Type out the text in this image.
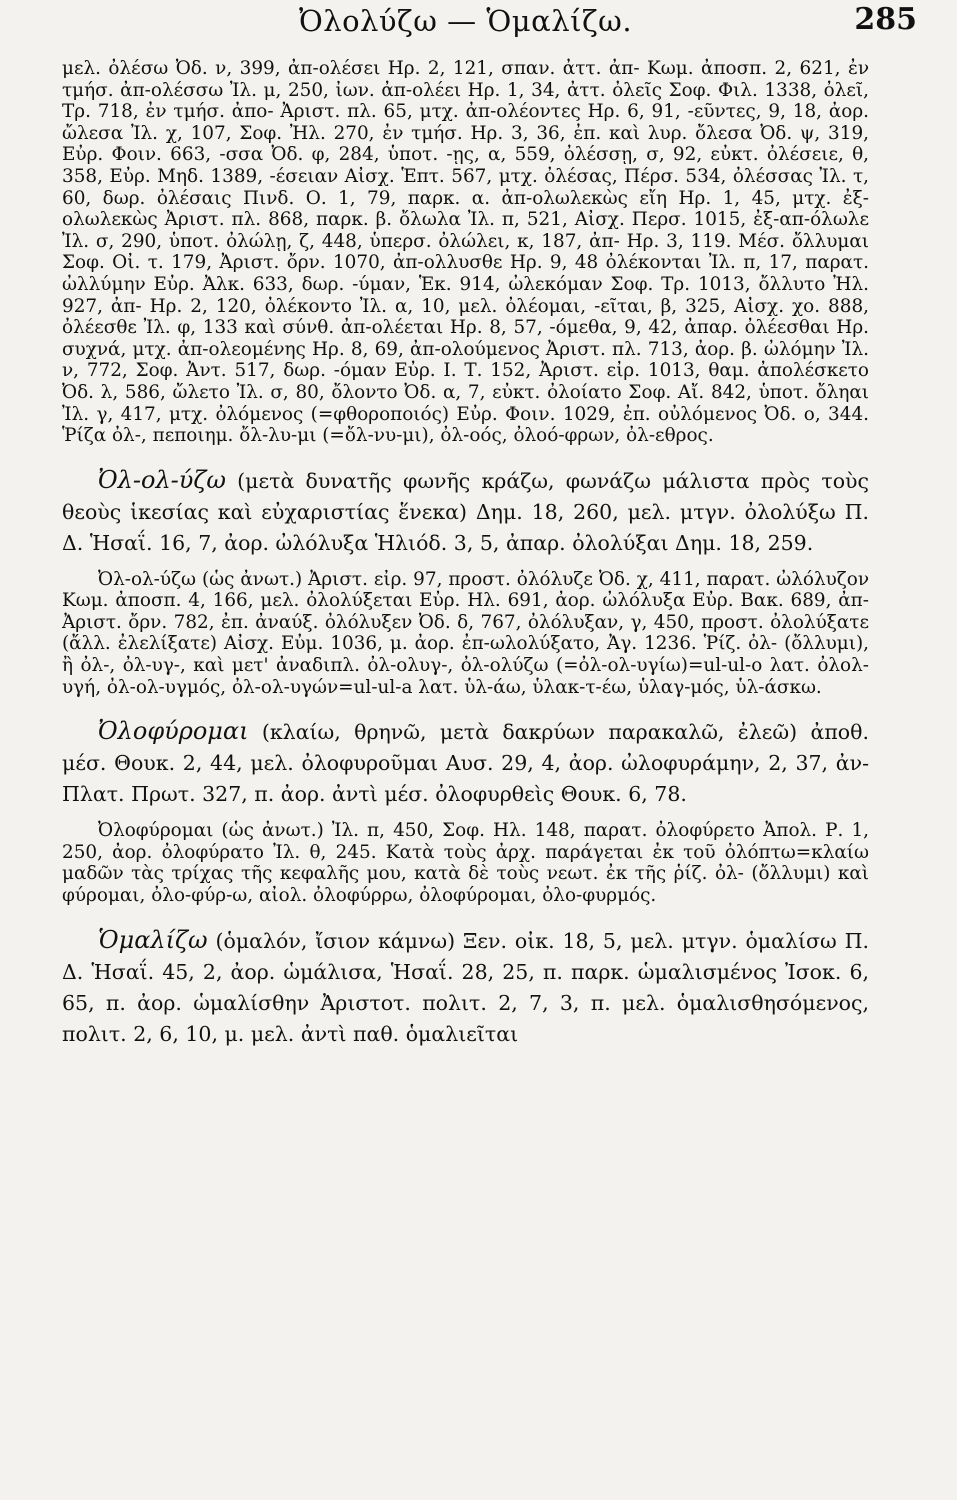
Ὀλολύζω — Ὁμαλίζω.	285

μελ. ὀλέσω Ὀδ. ν, 399, ἀπ-ολέσει Ηρ. 2, 121, σπαν. ἀττ. ἀπ- Κωμ. ἀποσπ. 2, 621, ἐν τμήσ. ἀπ-ολέσσω Ἰλ. μ, 250, ἰων. ἀπ-ολέει Ηρ. 1, 34, ἀττ. ὀλεῖς Σοφ. Φιλ. 1338, ὀλεῖ, Τρ. 718, ἐν τμήσ. ἀπο- Ἀριστ. πλ. 65, μτχ. ἀπ-ολέοντες Ηρ. 6, 91, -εῦντες, 9, 18, ἀορ. ὤλεσα Ἰλ. χ, 107, Σοφ. Ἠλ. 270, ἐν τμήσ. Ηρ. 3, 36, ἐπ. καὶ λυρ. ὄλεσα Ὀδ. ψ, 319, Εὐρ. Φοιν. 663, -σσα Ὀδ. φ, 284, ὑποτ. -ῃς, α, 559, ὀλέσσῃ, σ, 92, εὐκτ. ὀλέσειε, θ, 358, Εὐρ. Μηδ. 1389, -έσειαν Αἰσχ. Ἑπτ. 567, μτχ. ὀλέσας, Πέρσ. 534, ὀλέσσας Ἰλ. τ, 60, δωρ. ὀλέσαις Πινδ. Ο. 1, 79, παρκ. α. ἀπ-ολωλεκὼς εἴη Ηρ. 1, 45, μτχ. ἐξ-ολωλεκὼς Ἀριστ. πλ. 868, παρκ. β. ὄλωλα Ἰλ. π, 521, Αἰσχ. Περσ. 1015, ἐξ-απ-όλωλε Ἰλ. σ, 290, ὑποτ. ὀλώλῃ, ζ, 448, ὑπερσ. ὀλώλει, κ, 187, ἀπ- Ηρ. 3, 119. Μέσ. ὄλλυμαι Σοφ. Οἰ. τ. 179, Ἀριστ. ὄρν. 1070, ἀπ-ολλυσθε Ηρ. 9, 48 ὀλέκονται Ἰλ. π, 17, παρατ. ὠλλύμην Εὐρ. Ἀλκ. 633, δωρ. -ύμαν, Ἑκ. 914, ὠλεκόμαν Σοφ. Τρ. 1013, ὄλλυτο Ἠλ. 927, ἀπ- Ηρ. 2, 120, ὀλέκοντο Ἰλ. α, 10, μελ. ὀλέομαι, -εῖται, β, 325, Αἰσχ. χο. 888, ὀλέεσθε Ἰλ. φ, 133 καὶ σύνθ. ἀπ-ολέεται Ηρ. 8, 57, -όμεθα, 9, 42, ἀπαρ. ὀλέεσθαι Ηρ. συχνά, μτχ. ἀπ-ολεομένης Ηρ. 8, 69, ἀπ-ολούμενος Ἀριστ. πλ. 713, ἀορ. β. ὠλόμην Ἰλ. ν, 772, Σοφ. Ἀντ. 517, δωρ. -όμαν Εὐρ. Ι. Τ. 152, Ἀριστ. εἰρ. 1013, θαμ. ἀπολέσκετο Ὀδ. λ, 586, ὤλετο Ἰλ. σ, 80, ὄλοντο Ὀδ. α, 7, εὐκτ. ὀλοίατο Σοφ. Αἴ. 842, ὑποτ. ὄληαι Ἰλ. γ, 417, μτχ. ὀλόμενος (=φθοροποιός) Εὐρ. Φοιν. 1029, ἐπ. οὐλόμενος Ὀδ. ο, 344. Ῥίζα ὀλ-, πεποιημ. ὄλ-λυ-μι (=ὄλ-νυ-μι), ὀλ-οός, ὀλοό-φρων, ὀλ-εθρος.

Ὀλ-ολ-ύζω (μετὰ δυνατῆς φωνῆς κράζω, φωνάζω μάλιστα πρὸς τοὺς θεοὺς ἱκεσίας καὶ εὐχαριστίας ἕνεκα) Δημ. 18, 260, μελ. μτγν. ὀλολύξω Π. Δ. Ἡσαΐ. 16, 7, ἀορ. ὠλόλυξα Ἡλιόδ. 3, 5, ἀπαρ. ὀλολύξαι Δημ. 18, 259.

Ὀλ-ολ-ύζω (ὡς ἀνωτ.) Ἀριστ. εἰρ. 97, προστ. ὀλόλυζε Ὀδ. χ, 411, παρατ. ὠλόλυζον Κωμ. ἀποσπ. 4, 166, μελ. ὀλολύξεται Εὐρ. Ηλ. 691, ἀορ. ὠλόλυξα Εὐρ. Βακ. 689, ἀπ- Ἀριστ. ὄρν. 782, ἐπ. ἀναύξ. ὀλόλυξεν Ὀδ. δ, 767, ὀλόλυξαν, γ, 450, προστ. ὀλολύξατε (ἄλλ. ἐλελίξατε) Αἰσχ. Εὐμ. 1036, μ. ἀορ. ἐπ-ωλολύξατο, Ἀγ. 1236. Ῥίζ. ὀλ- (ὄλλυμι), ἢ ὀλ-, ὀλ-υγ-, καὶ μετ' ἀναδιπλ. ὀλ-ολυγ-, ὀλ-ολύζω (=ὀλ-ολ-υγίω)=ul-ul-o λατ. ὀλολ-υγή, ὀλ-ολ-υγμός, ὀλ-ολ-υγών=ul-ul-a λατ. ὑλ-άω, ὑλακ-τ-έω, ὑλαγ-μός, ὑλ-άσκω.

Ὀλοφύρομαι (κλαίω, θρηνῶ, μετὰ δακρύων παρακαλῶ, ἐλεῶ) ἀποθ. μέσ. Θουκ. 2, 44, μελ. ὀλοφυροῦμαι Αυσ. 29, 4, ἀορ. ὠλοφυράμην, 2, 37, ἀν- Πλατ. Πρωτ. 327, π. ἀορ. ἀντὶ μέσ. ὀλοφυρθεὶς Θουκ. 6, 78.

Ὀλοφύρομαι (ὡς ἀνωτ.) Ἰλ. π, 450, Σοφ. Ηλ. 148, παρατ. ὀλοφύρετο Ἀπολ. Ρ. 1, 250, ἀορ. ὀλοφύρατο Ἰλ. θ, 245. Κατὰ τοὺς ἀρχ. παράγεται ἐκ τοῦ ὀλόπτω=κλαίω μαδῶν τὰς τρίχας τῆς κεφαλῆς μου, κατὰ δὲ τοὺς νεωτ. ἐκ τῆς ῥίζ. ὀλ- (ὄλλυμι) καὶ φύρομαι, ὀλο-φύρ-ω, αἰολ. ὀλοφύρρω, ὀλοφύρομαι, ὀλο-φυρμός.

Ὁμαλίζω (ὁμαλόν, ἴσιον κάμνω) Ξεν. οἰκ. 18, 5, μελ. μτγν. ὁμαλίσω Π. Δ. Ἡσαΐ. 45, 2, ἀορ. ὡμάλισα, Ἡσαΐ. 28, 25, π. παρκ. ὡμαλισμένος Ἰσοκ. 6, 65, π. ἀορ. ὡμαλίσθην Ἀριστοτ. πολιτ. 2, 7, 3, π. μελ. ὁμαλισθησόμενος, πολιτ. 2, 6, 10, μ. μελ. ἀντὶ παθ. ὁμαλιεῖται
